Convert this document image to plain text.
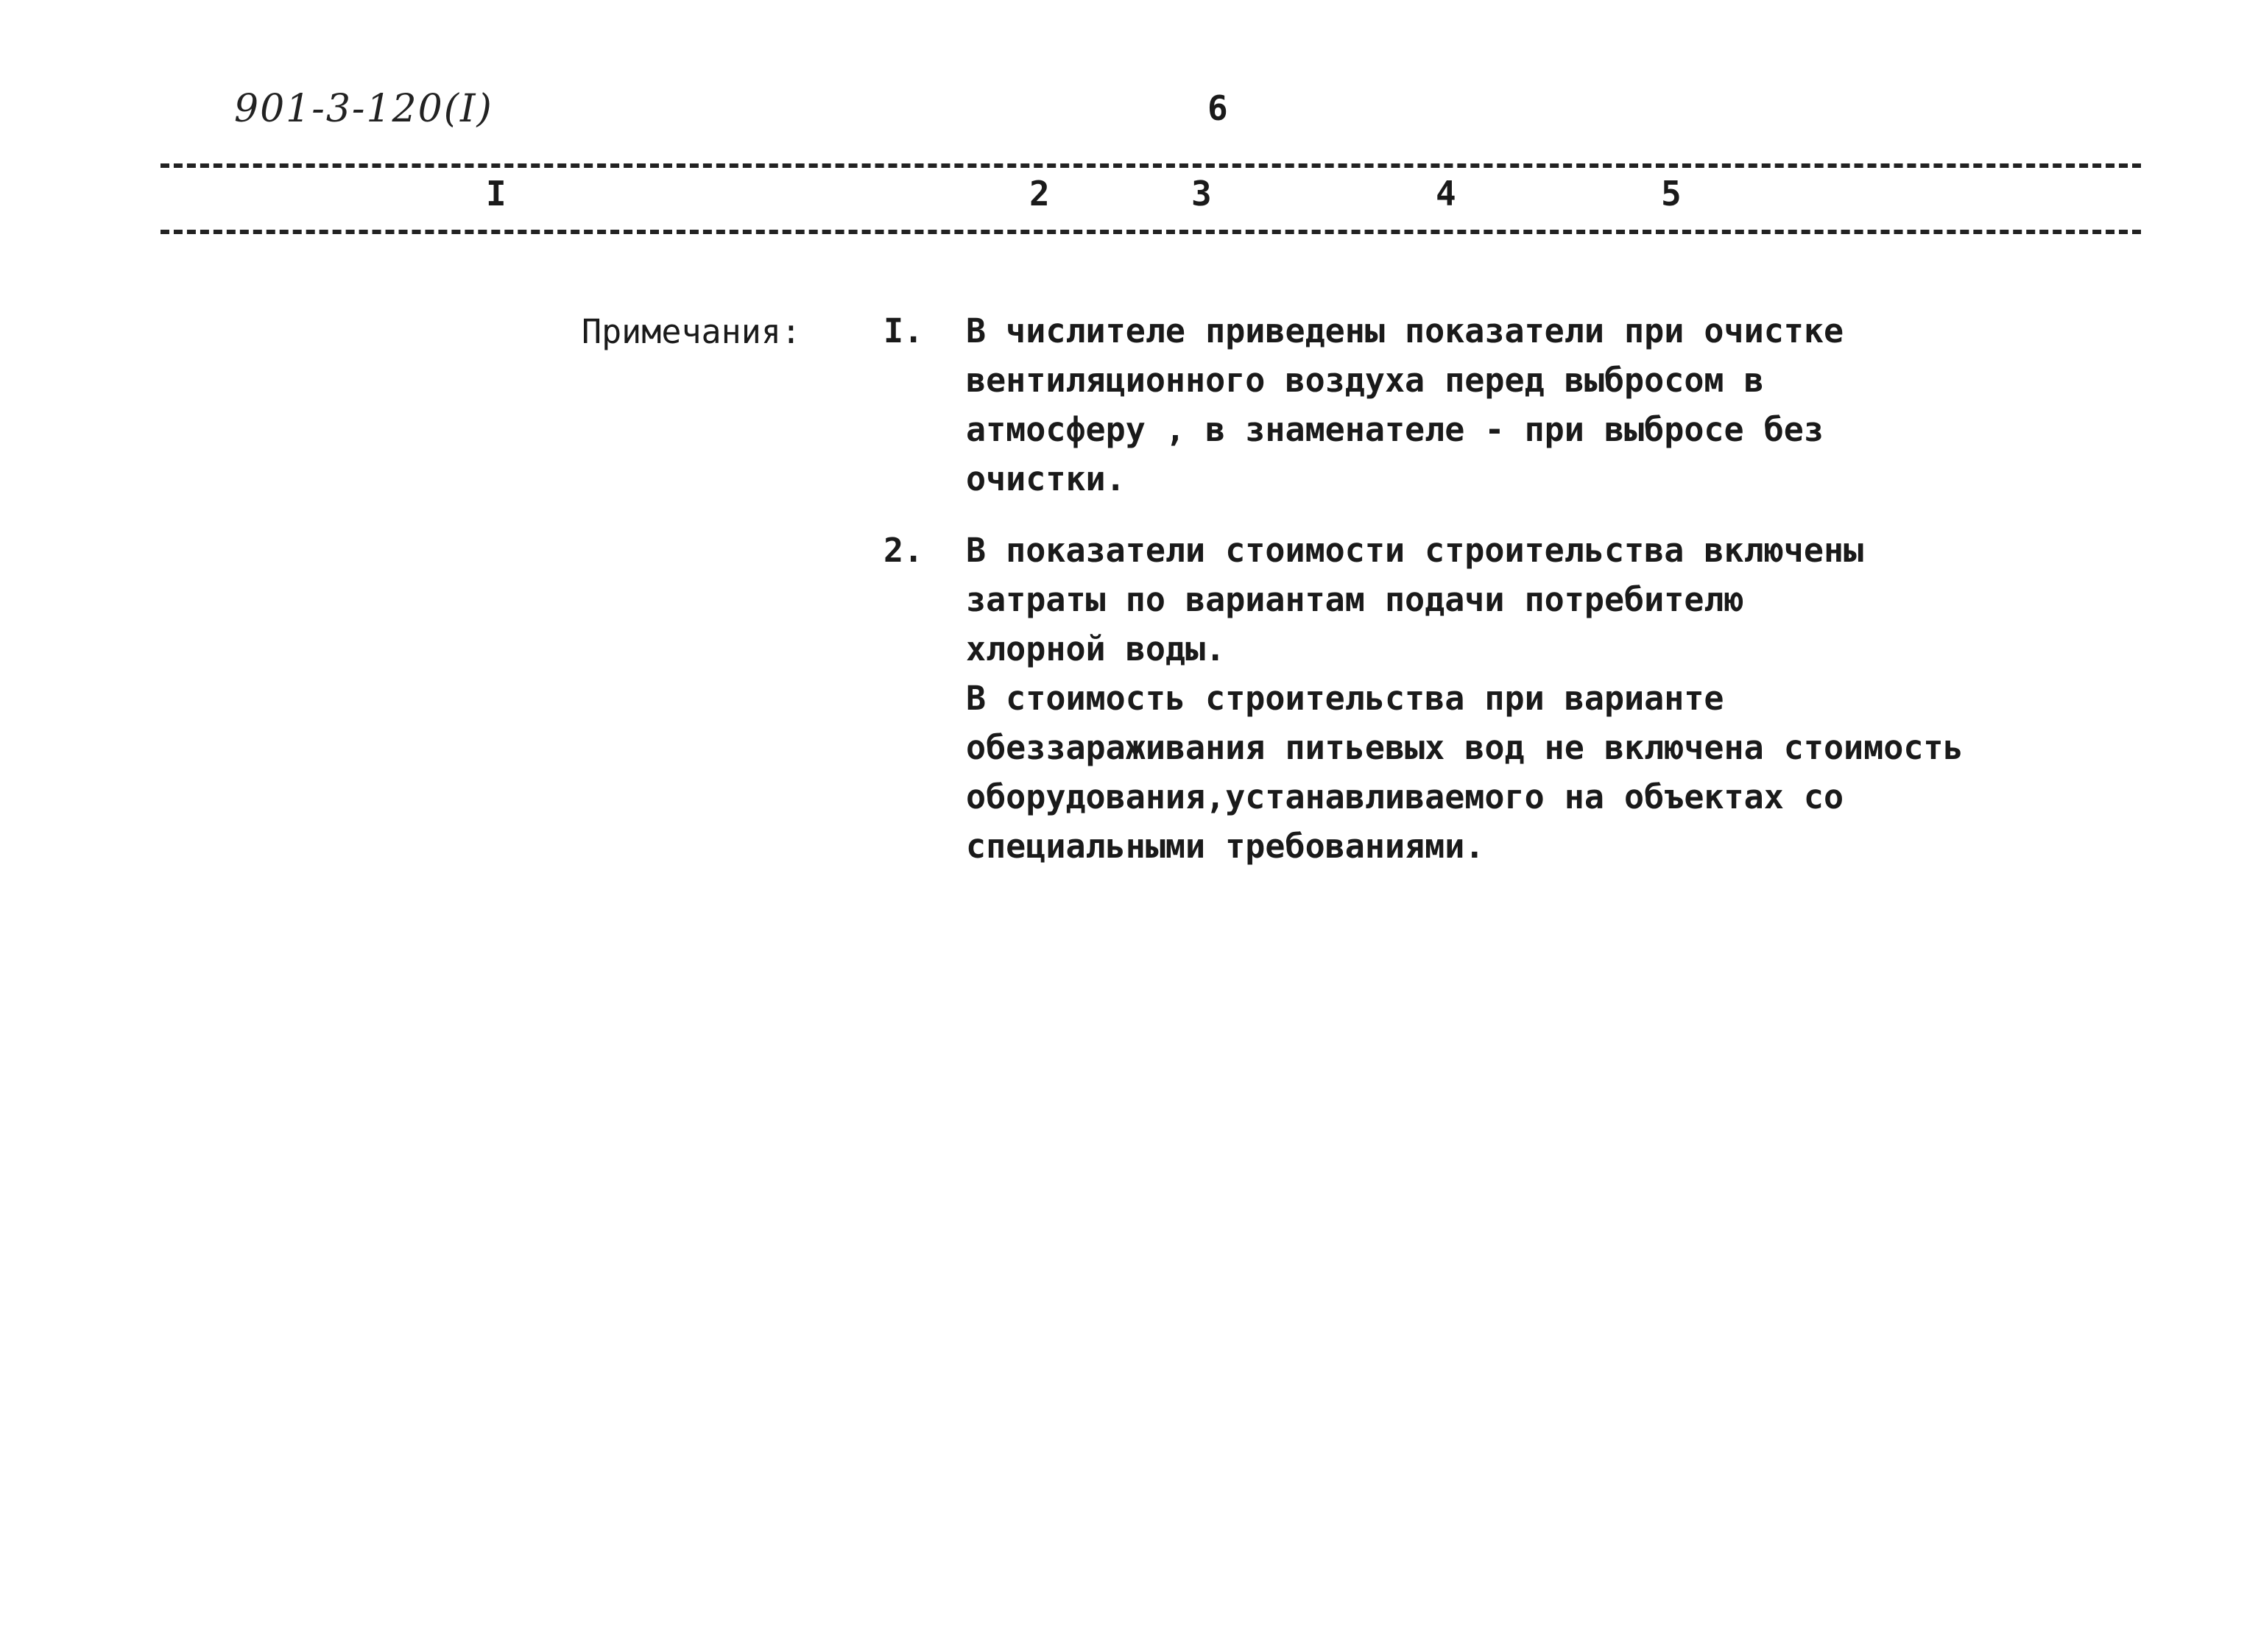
901-3-120(I)	6
I	2	3	4	5
Примечания: I.	В числителе приведены показатели при очистке
вентиляционного воздуха перед выбросом в
атмосферу , в знаменателе - при выбросе без
очистки.
2.	В показатели стоимости строительства включены
затраты по вариантам подачи потребителю
хлорной воды.
В стоимость строительства при варианте
обеззараживания питьевых вод не включена стоимость
оборудования,устанавливаемого на объектах со
специальными требованиями.
